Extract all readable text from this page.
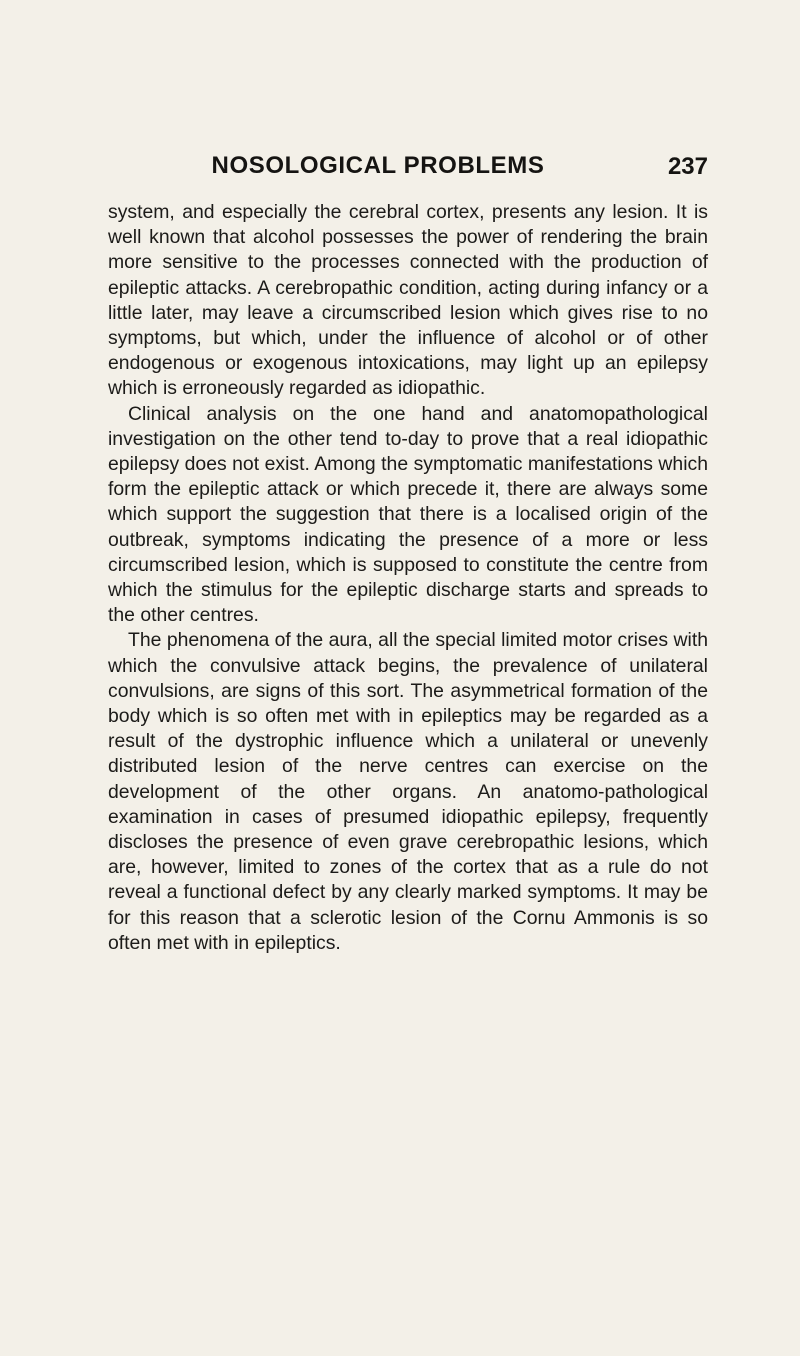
NOSOLOGICAL PROBLEMS	237

system, and especially the cerebral cortex, presents any lesion. It is well known that alcohol possesses the power of rendering the brain more sensitive to the processes connected with the production of epileptic attacks. A cerebropathic condition, acting during infancy or a little later, may leave a circumscribed lesion which gives rise to no symptoms, but which, under the influence of alcohol or of other endogenous or exogenous intoxications, may light up an epilepsy which is erroneously regarded as idiopathic.

Clinical analysis on the one hand and anatomopathological investigation on the other tend to-day to prove that a real idiopathic epilepsy does not exist. Among the symptomatic manifestations which form the epileptic attack or which precede it, there are always some which support the suggestion that there is a localised origin of the outbreak, symptoms indicating the presence of a more or less circumscribed lesion, which is supposed to constitute the centre from which the stimulus for the epileptic discharge starts and spreads to the other centres.

The phenomena of the aura, all the special limited motor crises with which the convulsive attack begins, the prevalence of unilateral convulsions, are signs of this sort. The asymmetrical formation of the body which is so often met with in epileptics may be regarded as a result of the dystrophic influence which a unilateral or unevenly distributed lesion of the nerve centres can exercise on the development of the other organs. An anatomo-pathological examination in cases of presumed idiopathic epilepsy, frequently discloses the presence of even grave cerebropathic lesions, which are, however, limited to zones of the cortex that as a rule do not reveal a functional defect by any clearly marked symptoms. It may be for this reason that a sclerotic lesion of the Cornu Ammonis is so often met with in epileptics.
